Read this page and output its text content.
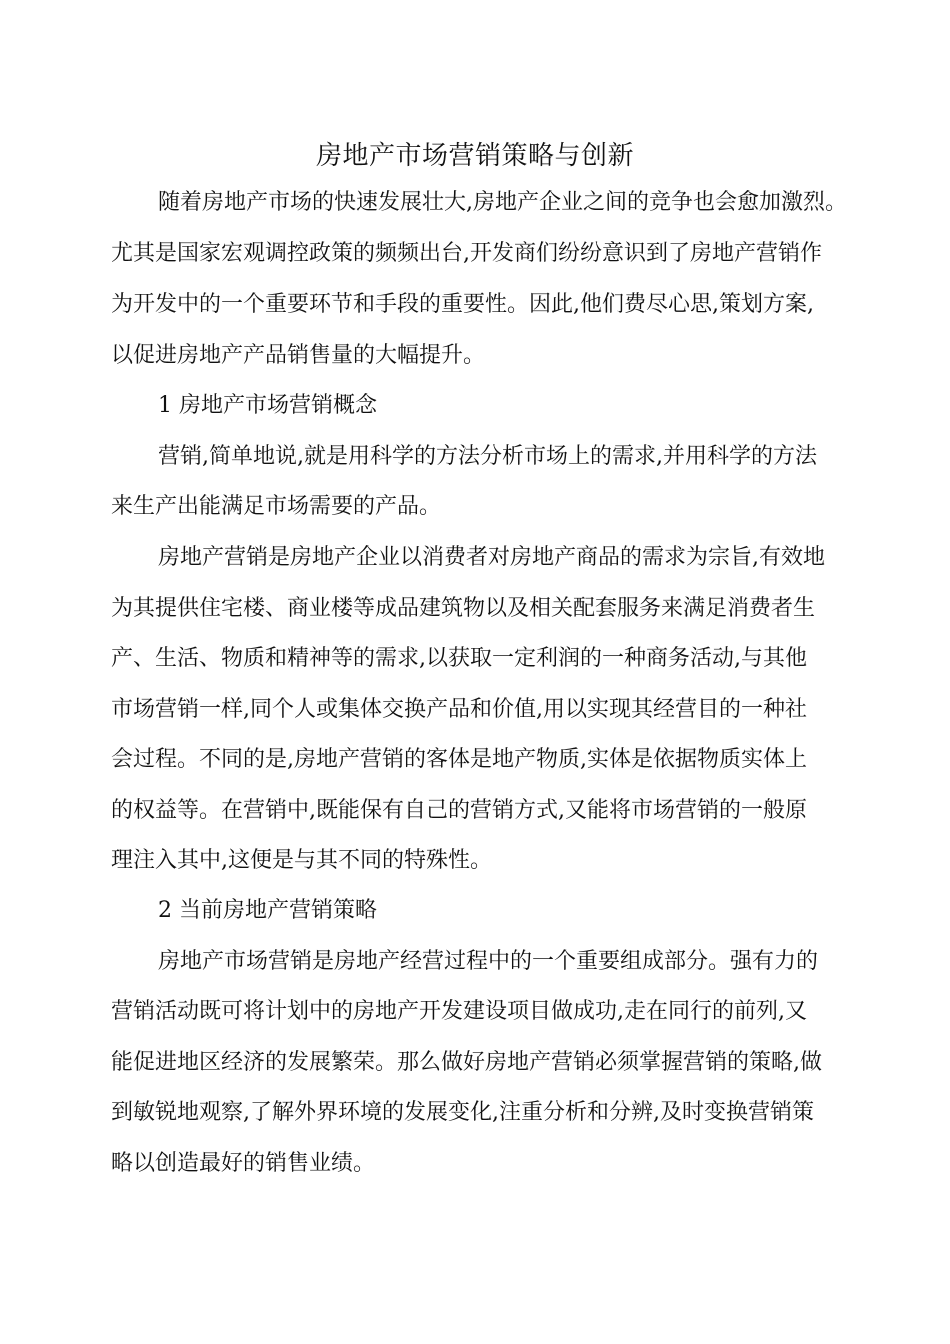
房地产市场营销策略与创新
随着房地产市场的快速发展壮大,房地产企业之间的竞争也会愈加激烈。
尤其是国家宏观调控政策的频频出台,开发商们纷纷意识到了房地产营销作
为开发中的一个重要环节和手段的重要性。因此,他们费尽心思,策划方案,
以促进房地产产品销售量的大幅提升。
1 房地产市场营销概念
营销,简单地说,就是用科学的方法分析市场上的需求,并用科学的方法
来生产出能满足市场需要的产品。
房地产营销是房地产企业以消费者对房地产商品的需求为宗旨,有效地
为其提供住宅楼、商业楼等成品建筑物以及相关配套服务来满足消费者生
产、生活、物质和精神等的需求,以获取一定利润的一种商务活动,与其他
市场营销一样,同个人或集体交换产品和价值,用以实现其经营目的一种社
会过程。不同的是,房地产营销的客体是地产物质,实体是依据物质实体上
的权益等。在营销中,既能保有自己的营销方式,又能将市场营销的一般原
理注入其中,这便是与其不同的特殊性。
2 当前房地产营销策略
房地产市场营销是房地产经营过程中的一个重要组成部分。强有力的
营销活动既可将计划中的房地产开发建设项目做成功,走在同行的前列,又
能促进地区经济的发展繁荣。那么做好房地产营销必须掌握营销的策略,做
到敏锐地观察,了解外界环境的发展变化,注重分析和分辨,及时变换营销策
略以创造最好的销售业绩。
